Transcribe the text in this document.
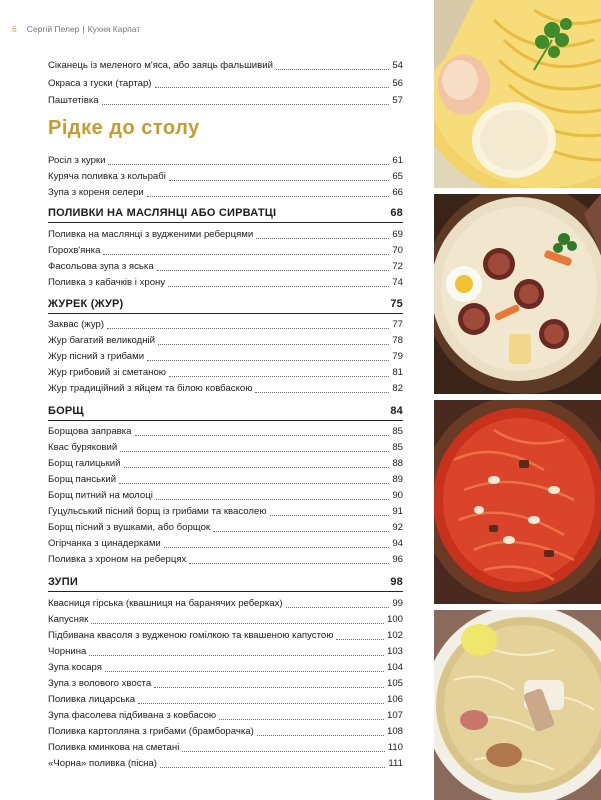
6 Сергій Пелер | Кухня Карпат
Сіканець із меленого м'яса, або заяць фальшивий	54
Окраса з гуски (тартар)	56
Паштетівка	57
Рідке до столу
Росіл з курки	61
Куряча поливка з кольрабі	65
Зупа з кореня селери	66
ПОЛИВКИ НА МАСЛЯНЦІ АБО СИРВАТЦІ	68
Поливка на маслянці з вудженими реберцями	69
Горохв'янка	70
Фасольова зупа з яська	72
Поливка з кабачків і хрону	74
ЖУРЕК (ЖУР)	75
Заквас (жур)	77
Жур багатий великодній	78
Жур пісний з грибами	79
Жур грибовий зі сметаною	81
Жур традиційний з яйцем та білою ковбаскою	82
БОРЩ	84
Борщова заправка	85
Квас буряковий	85
Борщ галицький	88
Борщ панський	89
Борщ питний на молоці	90
Гуцульський пісний борщ із грибами та квасолею	91
Борщ пісний з вушками, або борщок	92
Огірчанка з цинадерками	94
Поливка з хроном на реберцях	96
ЗУПИ	98
Квасниця гірська (квашниця на баранячих реберках)	99
Капусняк	100
Підбивана квасоля з вудженою гомілкою та квашеною капустою	102
Чорнина	103
Зупа косаря	104
Зупа з волового хвоста	105
Поливка лицарська	106
Зупа фасолева підбивана з ковбасою	107
Поливка картопляна з грибами (брамборачка)	108
Поливка кминкова на сметані	110
«Чорна» поливка (пісна)	111
